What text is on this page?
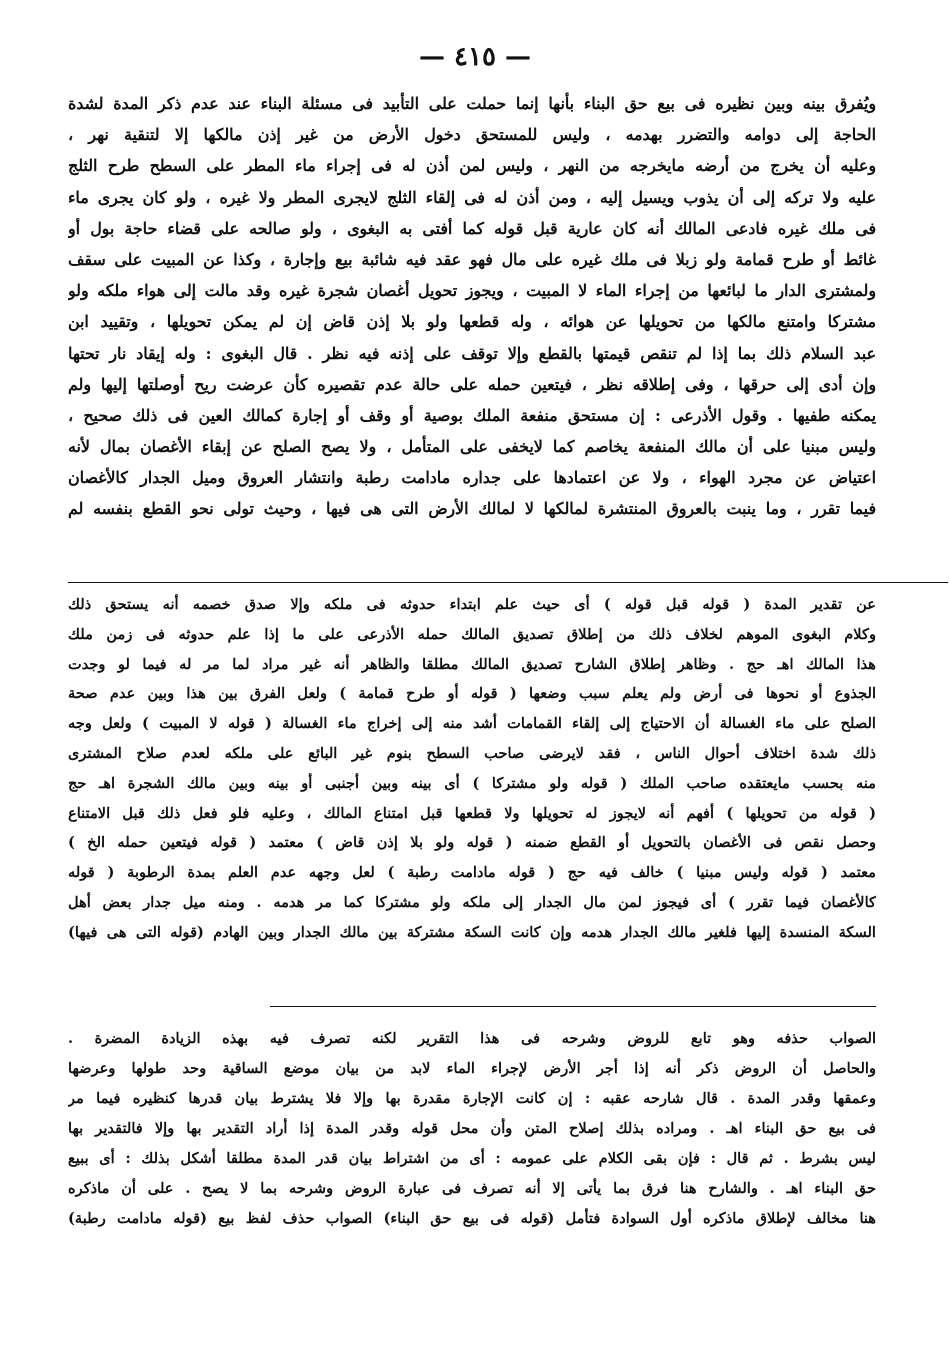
— ٤١٥ —
ويُفرق بينه وبين نظيره فى بيع حق البناء بأنها إنما حملت على التأبيد فى مسئلة البناء عند عدم ذكر المدة لشدة
الحاجة إلى دوامه والتضرر بهدمه ، وليس للمستحق دخول الأرض من غير إذن مالكها إلا لتنقية نهر ،
وعليه أن يخرج من أرضه مايخرجه من النهر ، وليس لمن أذن له فى إجراء ماء المطر على السطح طرح الثلج
عليه ولا تركه إلى أن يذوب ويسيل إليه ، ومن أذن له فى إلقاء الثلج لايجرى المطر ولا غيره ، ولو كان يجرى ماء
فى ملك غيره فادعى المالك أنه كان عارية قبل قوله كما أفتى به البغوى ، ولو صالحه على قضاء حاجة بول أو
غائط أو طرح قمامة ولو زبلا فى ملك غيره على مال فهو عقد فيه شائبة بيع وإجارة ، وكذا عن المبيت على سقف
ولمشترى الدار ما لبائعها من إجراء الماء لا المبيت ، ويجوز تحويل أغصان شجرة غيره وقد مالت إلى هواء ملكه ولو
مشتركا وامتنع مالكها من تحويلها عن هوائه ، وله قطعها ولو بلا إذن قاض إن لم يمكن تحويلها ، وتقييد ابن
عبد السلام ذلك بما إذا لم تنقص قيمتها بالقطع وإلا توقف على إذنه فيه نظر . قال البغوى : وله إيقاد نار تحتها
وإن أدى إلى حرقها ، وفى إطلاقه نظر ، فيتعين حمله على حالة عدم تقصيره كأن عرضت ريح أوصلتها إليها ولم
يمكنه طفيها . وقول الأذرعى : إن مستحق منفعة الملك بوصية أو وقف أو إجارة كمالك العين فى ذلك صحيح ،
وليس مبنيا على أن مالك المنفعة يخاصم كما لايخفى على المتأمل ، ولا يصح الصلح عن إبقاء الأغصان بمال لأنه
اعتياض عن مجرد الهواء ، ولا عن اعتمادها على جداره مادامت رطبة وانتشار العروق وميل الجدار كالأغصان
فيما تقرر ، وما ينبت بالعروق المنتشرة لمالكها لا لمالك الأرض التى هى فيها ، وحيث تولى نحو القطع بنفسه لم
عن تقدير المدة ( قوله قبل قوله ) أى حيث علم ابتداء حدوثه فى ملكه وإلا صدق خصمه أنه يستحق ذلك
وكلام البغوى الموهم لخلاف ذلك من إطلاق تصديق المالك حمله الأذرعى على ما إذا علم حدوثه فى زمن ملك
هذا المالك اهـ حج . وظاهر إطلاق الشارح تصديق المالك مطلقا والظاهر أنه غير مراد لما مر له فيما لو وجدت
الجذوع أو نحوها فى أرض ولم يعلم سبب وضعها ( قوله أو طرح قمامة ) ولعل الفرق بين هذا وبين عدم صحة
الصلح على ماء الغسالة أن الاحتياج إلى إلقاء القمامات أشد منه إلى إخراج ماء الغسالة ( قوله لا المبيت ) ولعل وجه
ذلك شدة اختلاف أحوال الناس ، فقد لايرضى صاحب السطح بنوم غير البائع على ملكه لعدم صلاح المشترى
منه بحسب مايعتقده صاحب الملك ( قوله ولو مشتركا ) أى بينه وبين أجنبى أو بينه وبين مالك الشجرة اهـ حج
( قوله من تحويلها ) أفهم أنه لايجوز له تحويلها ولا قطعها قبل امتناع المالك ، وعليه فلو فعل ذلك قبل الامتناع
وحصل نقص فى الأغصان بالتحويل أو القطع ضمنه ( قوله ولو بلا إذن قاض ) معتمد ( قوله فيتعين حمله الخ )
معتمد ( قوله وليس مبنيا ) خالف فيه حج ( قوله مادامت رطبة ) لعل وجهه عدم العلم بمدة الرطوبة ( قوله
كالأغصان فيما تقرر ) أى فيجوز لمن مال الجدار إلى ملكه ولو مشتركا كما مر هدمه . ومنه ميل جدار بعض أهل
السكة المنسدة إليها فلغير مالك الجدار هدمه وإن كانت السكة مشتركة بين مالك الجدار وبين الهادم (قوله التى هى فيها)
الصواب حذفه وهو تابع للروض وشرحه فى هذا التقرير لكنه تصرف فيه بهذه الزيادة المضرة .
والحاصل أن الروض ذكر أنه إذا أجر الأرض لإجراء الماء لابد من بيان موضع الساقية وحد طولها وعرضها
وعمقها وقدر المدة . قال شارحه عقبه : إن كانت الإجارة مقدرة بها وإلا فلا يشترط بيان قدرها كنظيره فيما مر
فى بيع حق البناء اهـ . ومراده بذلك إصلاح المتن وأن محل قوله وقدر المدة إذا أراد التقدير بها وإلا فالتقدير بها
ليس بشرط . ثم قال : فإن بقى الكلام على عمومه : أى من اشتراط بيان قدر المدة مطلقا أشكل بذلك : أى ببيع
حق البناء اهـ . والشارح هنا فرق بما يأتى إلا أنه تصرف فى عبارة الروض وشرحه بما لا يصح . على أن ماذكره
هنا مخالف لإطلاق ماذكره أول السوادة فتأمل (قوله فى بيع حق البناء) الصواب حذف لفظ بيع (قوله مادامت رطبة)
